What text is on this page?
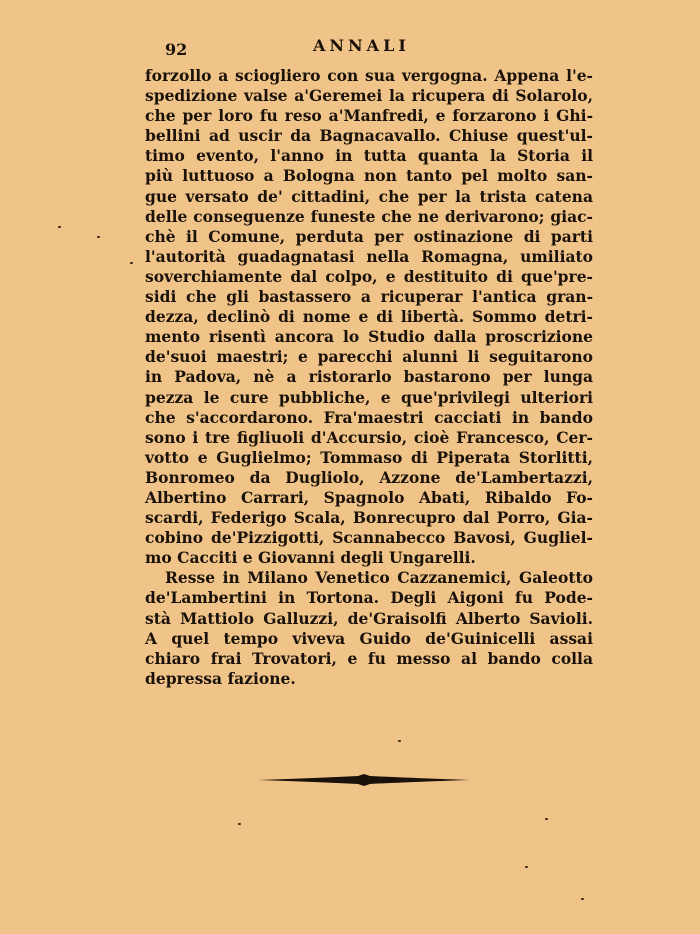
92	ANNALI
forzollo a sciogliero con sua vergogna. Appena l'e-
spedizione valse a'Geremei la ricupera di Solarolo,
che per loro fu reso a'Manfredi, e forzarono i Ghi-
bellini ad uscir da Bagnacavallo. Chiuse quest'ul-
timo evento, l'anno in tutta quanta la Storia il
più luttuoso a Bologna non tanto pel molto san-
gue versato de' cittadini, che per la trista catena
delle conseguenze funeste che ne derivarono; giac-
chè il Comune, perduta per ostinazione di parti
l'autorità guadagnatasi nella Romagna, umiliato
soverchiamente dal colpo, e destituito di que'pre-
sidi che gli bastassero a ricuperar l'antica gran-
dezza, declinò di nome e di libertà. Sommo detri-
mento risentì ancora lo Studio dalla proscrizione
de'suoi maestri; e parecchi alunni li seguitarono
in Padova, nè a ristorarlo bastarono per lunga
pezza le cure pubbliche, e que'privilegi ulteriori
che s'accordarono. Fra'maestri cacciati in bando
sono i tre figliuoli d'Accursio, cioè Francesco, Cer-
votto e Guglielmo; Tommaso di Piperata Storlitti,
Bonromeo da Dugliolo, Azzone de'Lambertazzi,
Albertino Carrari, Spagnolo Abati, Ribaldo Fo-
scardi, Federigo Scala, Bonrecupro dal Porro, Gia-
cobino de'Pizzigotti, Scannabecco Bavosi, Gugliel-
mo Cacciti e Giovanni degli Ungarelli.
Resse in Milano Venetico Cazzanemici, Galeotto
de'Lambertini in Tortona. Degli Aigoni fu Pode-
stà Mattiolo Galluzzi, de'Graisolfi Alberto Savioli.
A quel tempo viveva Guido de'Guinicelli assai
chiaro frai Trovatori, e fu messo al bando colla
depressa fazione.
